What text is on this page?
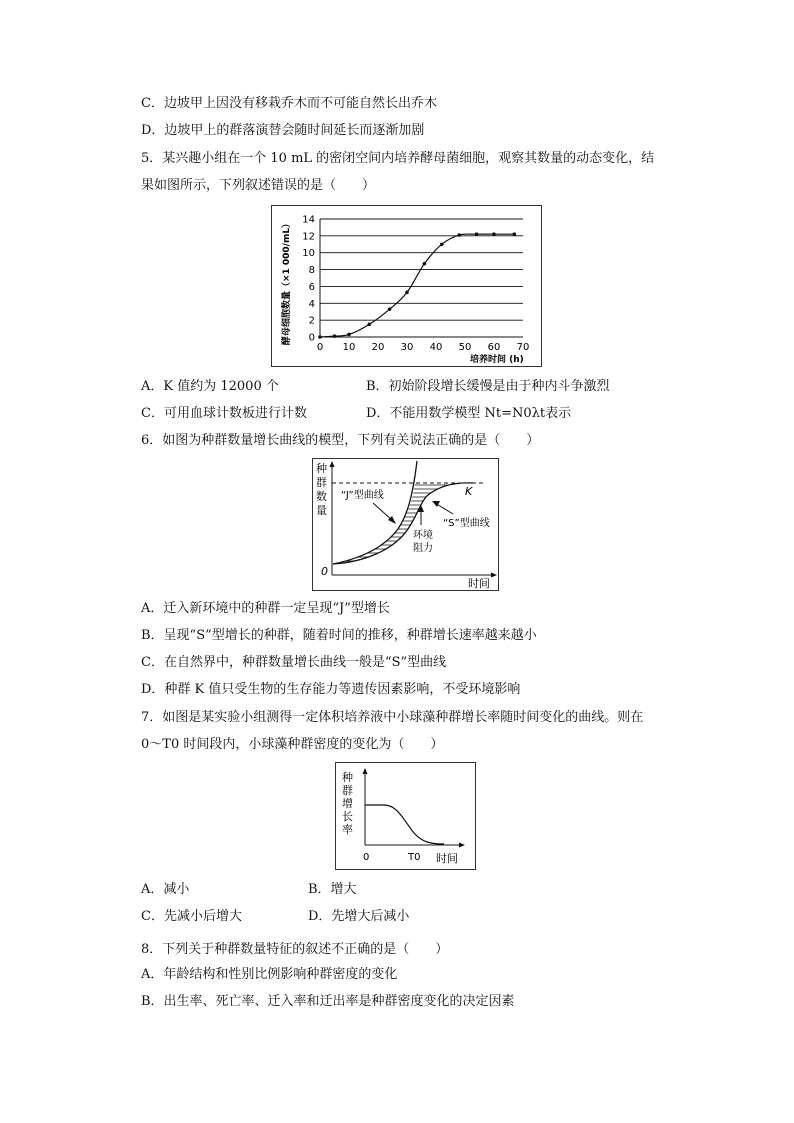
C．边坡甲上因没有移栽乔木而不可能自然长出乔木
D．边坡甲上的群落演替会随时间延长而逐渐加剧
5．某兴趣小组在一个 10 mL 的密闭空间内培养酵母菌细胞，观察其数量的动态变化，结
果如图所示，下列叙述错误的是（　　）
0
2
4
6
8
10
12
14
0 10 20 30 40 50 60 70
培养时间 (h)
酵母细胞数量（×1 000/mL）
A．K 值约为 12000 个	B．初始阶段增长缓慢是由于种内斗争激烈
C．可用血球计数板进行计数	D．不能用数学模型 Nt=N0λt表示
6．如图为种群数量增长曲线的模型，下列有关说法正确的是（　　）
种
群
数
量
0
时间
K
“J”型曲线
“S”型曲线
环境
阻力
A．迁入新环境中的种群一定呈现“J”型增长
B．呈现“S”型增长的种群，随着时间的推移，种群增长速率越来越小
C．在自然界中，种群数量增长曲线一般是“S”型曲线
D．种群 K 值只受生物的生存能力等遗传因素影响，不受环境影响
7．如图是某实验小组测得一定体积培养液中小球藻种群增长率随时间变化的曲线。则在
0～T0 时间段内，小球藻种群密度的变化为（　　）
种
群
增
长
率
0	T0 时间
A．减小	B．增大
C．先减小后增大	D．先增大后减小
8．下列关于种群数量特征的叙述不正确的是（　　）
A．年龄结构和性别比例影响种群密度的变化
B．出生率、死亡率、迁入率和迁出率是种群密度变化的决定因素
